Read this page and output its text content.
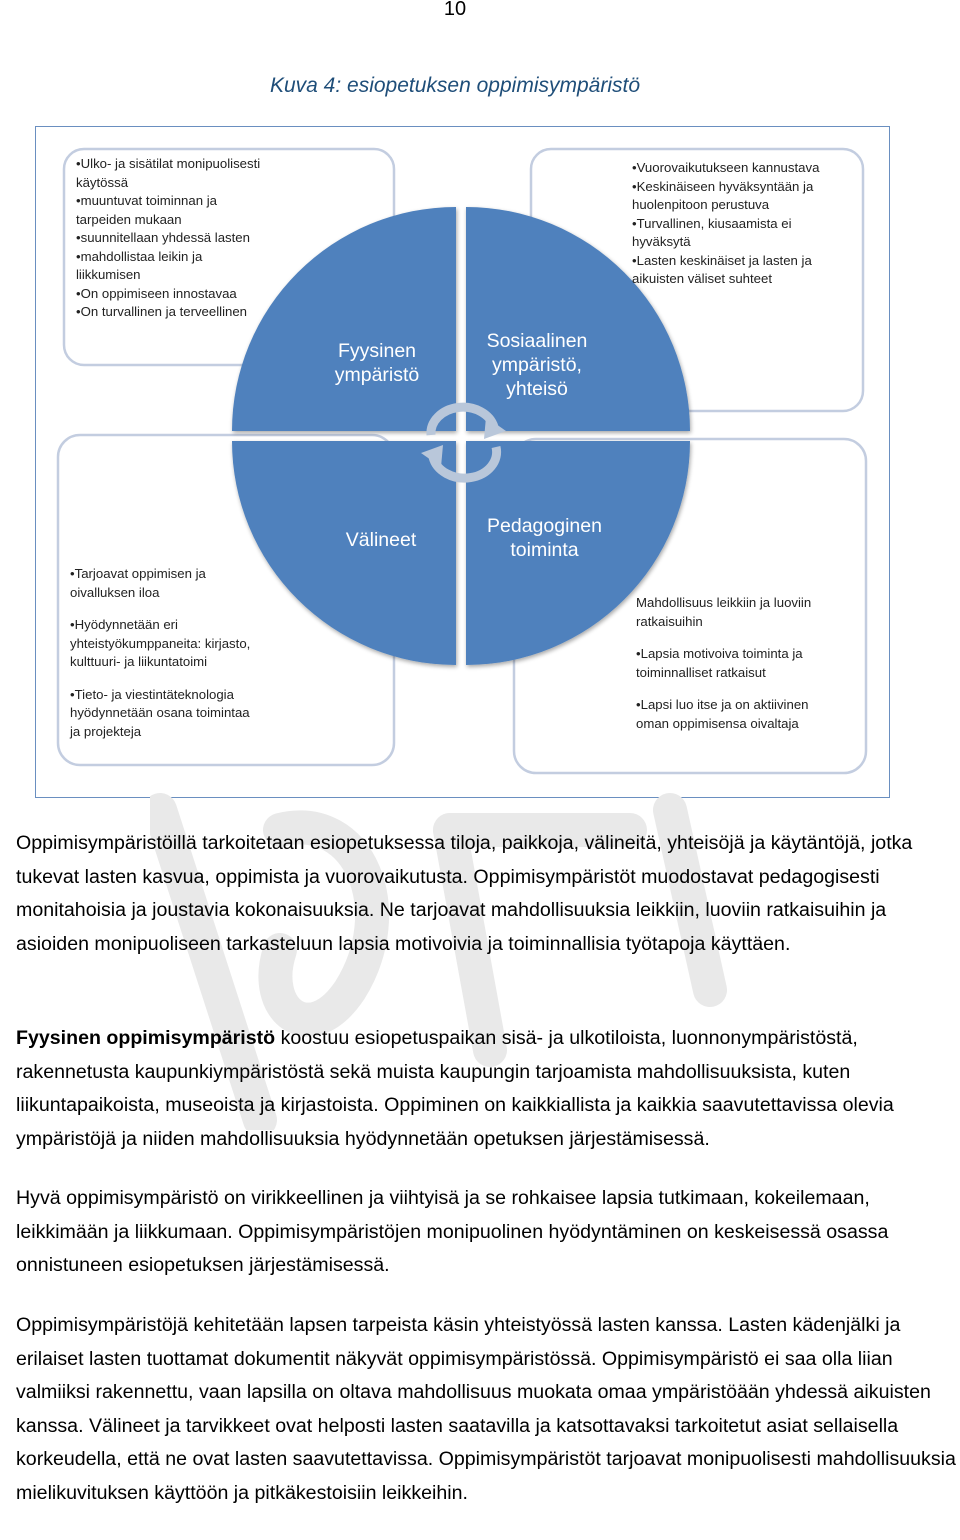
10
Kuva 4: esiopetuksen oppimisympäristö
Fyysinen
ympäristö
Sosiaalinen
ympäristö,
yhteisö
Välineet
Pedagoginen
toiminta
•Ulko- ja sisätilat monipuolisesti
käytössä
•muuntuvat toiminnan ja
tarpeiden mukaan
•suunnitellaan yhdessä lasten
•mahdollistaa leikin ja
liikkumisen
•On oppimiseen innostavaa
•On turvallinen ja terveellinen
•Vuorovaikutukseen kannustava
•Keskinäiseen hyväksyntään ja
huolenpitoon perustuva
•Turvallinen, kiusaamista ei
hyväksytä
•Lasten keskinäiset ja lasten ja
aikuisten väliset suhteet
•Tarjoavat oppimisen ja
oivalluksen iloa
•Hyödynnetään eri
yhteistyökumppaneita: kirjasto,
kulttuuri- ja liikuntatoimi
•Tieto- ja viestintäteknologia
hyödynnetään osana toimintaa
ja projekteja
Mahdollisuus leikkiin ja luoviin
ratkaisuihin
•Lapsia motivoiva toiminta ja
toiminnalliset ratkaisut
•Lapsi luo itse ja on aktiivinen
oman oppimisensa oivaltaja
Oppimisympäristöillä tarkoitetaan esiopetuksessa tiloja, paikkoja, välineitä, yhteisöjä ja käytäntöjä, jotka tukevat lasten kasvua, oppimista ja vuorovaikutusta. Oppimisympäristöt muodostavat pedagogisesti monitahoisia ja joustavia kokonaisuuksia. Ne tarjoavat mahdollisuuksia leikkiin, luoviin ratkaisuihin ja asioiden monipuoliseen tarkasteluun lapsia motivoivia ja toiminnallisia työtapoja käyttäen.
Fyysinen oppimisympäristö koostuu esiopetuspaikan sisä- ja ulkotiloista, luonnonympäristöstä, rakennetusta kaupunkiympäristöstä sekä muista kaupungin tarjoamista mahdollisuuksista, kuten liikuntapaikoista, museoista ja kirjastoista. Oppiminen on kaikkiallista ja kaikkia saavutettavissa olevia ympäristöjä ja niiden mahdollisuuksia hyödynnetään opetuksen järjestämisessä.
Hyvä oppimisympäristö on virikkeellinen ja viihtyisä ja se rohkaisee lapsia tutkimaan, kokeilemaan, leikkimään ja liikkumaan. Oppimisympäristöjen monipuolinen hyödyntäminen on keskeisessä osassa onnistuneen esiopetuksen järjestämisessä.
Oppimisympäristöjä kehitetään lapsen tarpeista käsin yhteistyössä lasten kanssa. Lasten kädenjälki ja erilaiset lasten tuottamat dokumentit näkyvät oppimisympäristössä. Oppimisympäristö ei saa olla liian valmiiksi rakennettu, vaan lapsilla on oltava mahdollisuus muokata omaa ympäristöään yhdessä aikuisten kanssa. Välineet ja tarvikkeet ovat helposti lasten saatavilla ja katsottavaksi tarkoitetut asiat sellaisella korkeudella, että ne ovat lasten saavutettavissa. Oppimisympäristöt tarjoavat monipuolisesti mahdollisuuksia mielikuvituksen käyttöön ja pitkäkestoisiin leikkeihin.
